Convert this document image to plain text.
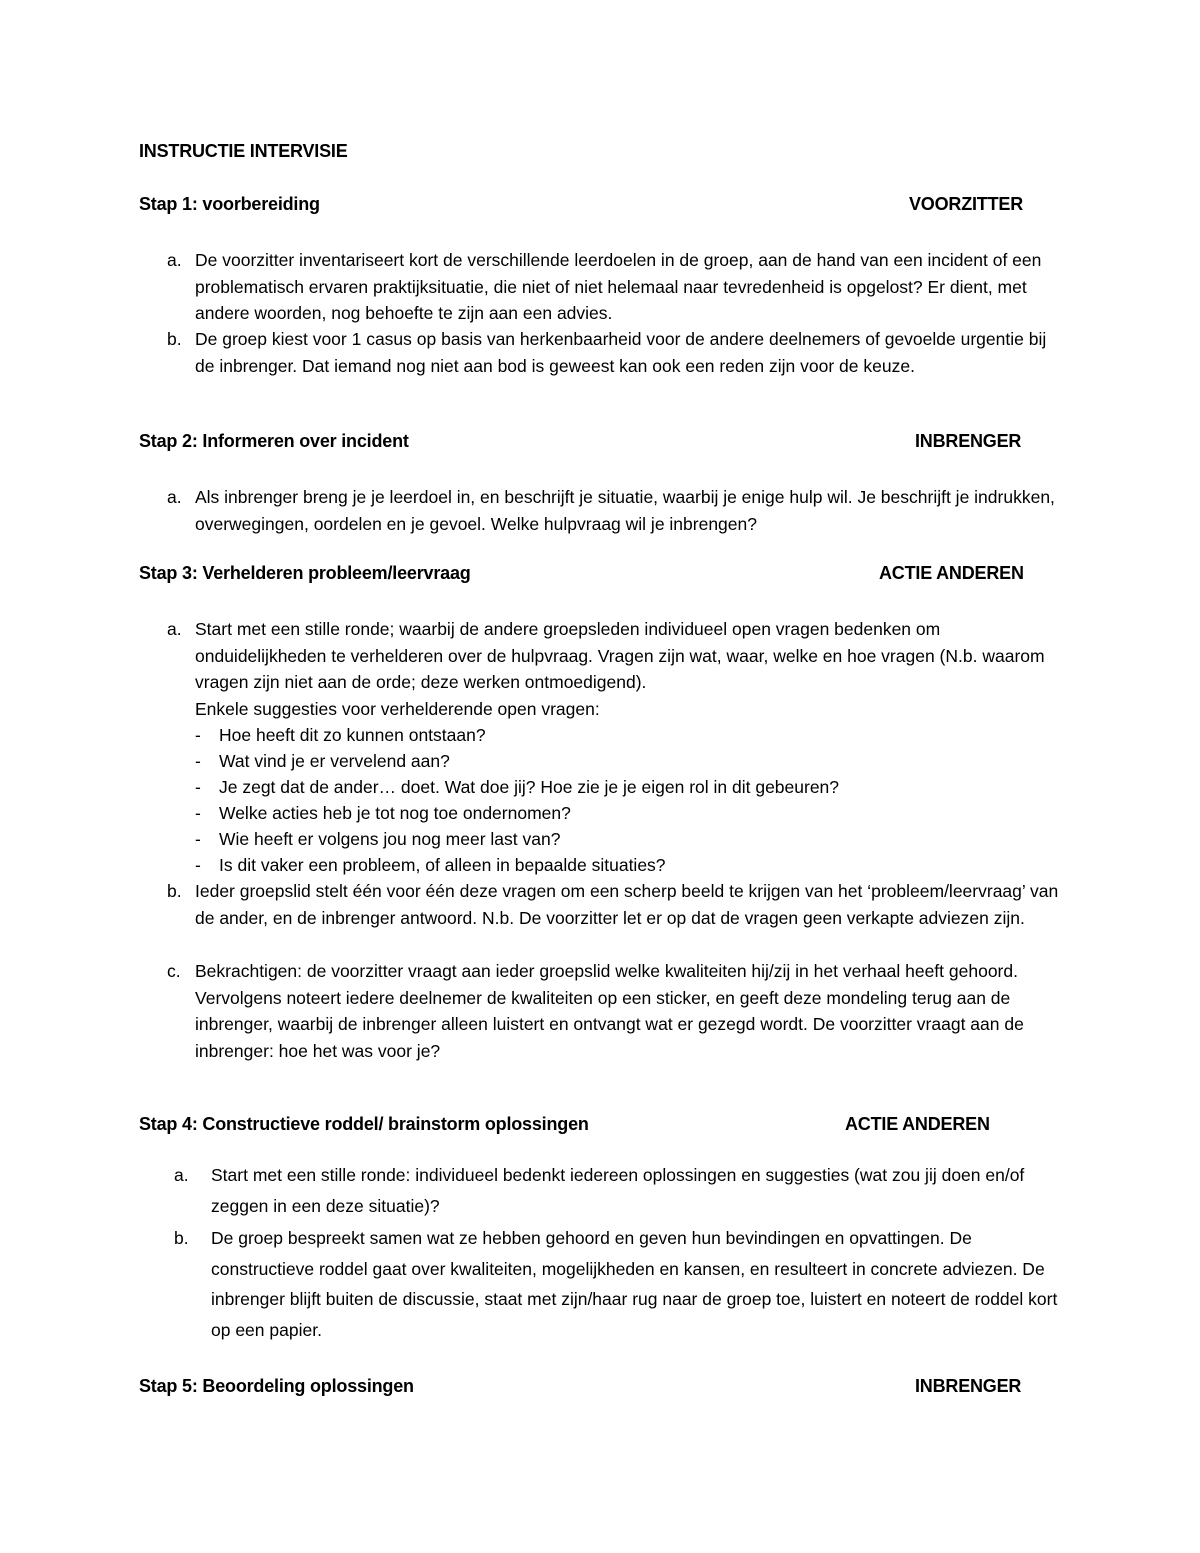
INSTRUCTIE INTERVISIE
Stap 1: voorbereiding	VOORZITTER
a. De voorzitter inventariseert kort de verschillende leerdoelen in de groep, aan de hand van een incident of een problematisch ervaren praktijksituatie, die niet of niet helemaal naar tevredenheid is opgelost? Er dient, met andere woorden, nog behoefte te zijn aan een advies.

b. De groep kiest voor 1 casus op basis van herkenbaarheid voor de andere deelnemers of gevoelde urgentie bij de inbrenger. Dat iemand nog niet aan bod is geweest kan ook een reden zijn voor de keuze.

Stap 2: Informeren over incident	INBRENGER
a. Als inbrenger breng je je leerdoel in, en beschrijft je situatie, waarbij je enige hulp wil. Je beschrijft je indrukken, overwegingen, oordelen en je gevoel. Welke hulpvraag wil je inbrengen?

Stap 3: Verhelderen probleem/leervraag	ACTIE ANDEREN
a. Start met een stille ronde; waarbij de andere groepsleden individueel open vragen bedenken om onduidelijkheden te verhelderen over de hulpvraag. Vragen zijn wat, waar, welke en hoe vragen (N.b. waarom vragen zijn niet aan de orde; deze werken ontmoedigend).

Enkele suggesties voor verhelderende open vragen:

- Hoe heeft dit zo kunnen ontstaan?
- Wat vind je er vervelend aan?
- Je zegt dat de ander… doet. Wat doe jij? Hoe zie je je eigen rol in dit gebeuren?
- Welke acties heb je tot nog toe ondernomen?
- Wie heeft er volgens jou nog meer last van?
- Is dit vaker een probleem, of alleen in bepaalde situaties?
b. Ieder groepslid stelt één voor één deze vragen om een scherp beeld te krijgen van het ‘probleem/leervraag’ van de ander, en de inbrenger antwoord. N.b. De voorzitter let er op dat de vragen geen verkapte adviezen zijn.

c. Bekrachtigen: de voorzitter vraagt aan ieder groepslid welke kwaliteiten hij/zij in het verhaal heeft gehoord. Vervolgens noteert iedere deelnemer de kwaliteiten op een sticker, en geeft deze mondeling terug aan de inbrenger, waarbij de inbrenger alleen luistert en ontvangt wat er gezegd wordt. De voorzitter vraagt aan de inbrenger: hoe het was voor je?

Stap 4: Constructieve roddel/ brainstorm oplossingen	ACTIE ANDEREN
a. Start met een stille ronde: individueel bedenkt iedereen oplossingen en suggesties (wat zou jij doen en/of zeggen in een deze situatie)?

b. De groep bespreekt samen wat ze hebben gehoord en geven hun bevindingen en opvattingen. De constructieve roddel gaat over kwaliteiten, mogelijkheden en kansen, en resulteert in concrete adviezen. De inbrenger blijft buiten de discussie, staat met zijn/haar rug naar de groep toe, luistert en noteert de roddel kort op een papier.

Stap 5: Beoordeling oplossingen	INBRENGER
